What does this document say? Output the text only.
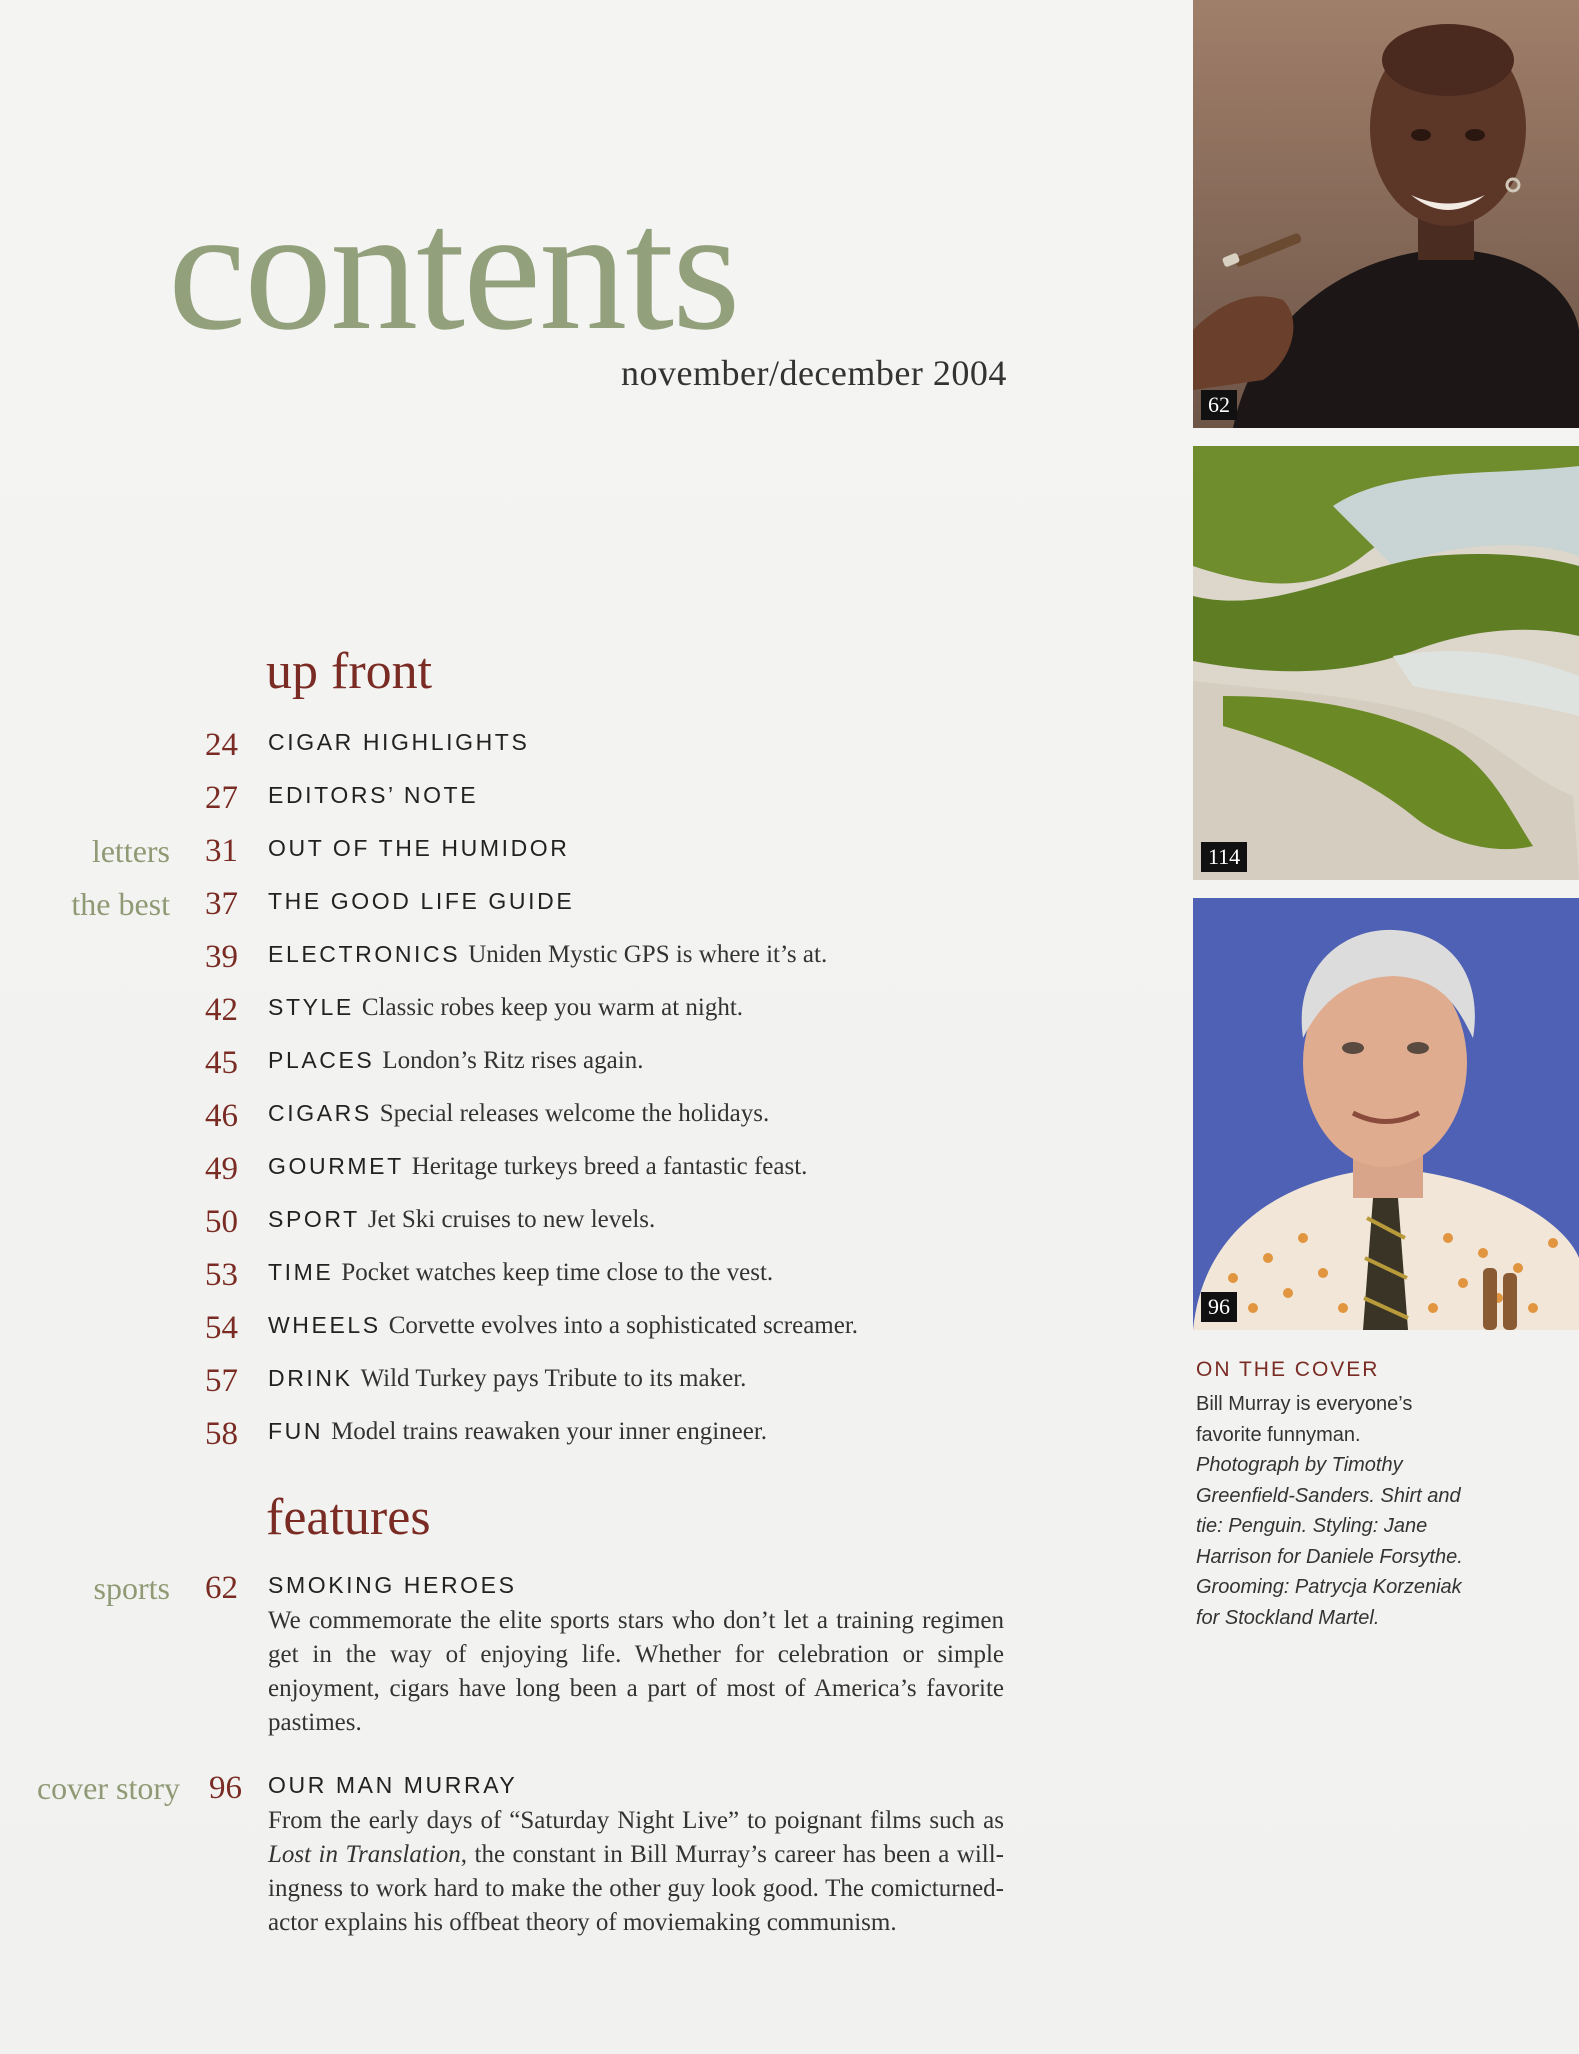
contents
november/december 2004
up front
24 CIGAR HIGHLIGHTS
27 EDITORS’ NOTE
letters	31 OUT OF THE HUMIDOR
the best	37 THE GOOD LIFE GUIDE
39 ELECTRONICS Uniden Mystic GPS is where it’s at.
42 STYLE Classic robes keep you warm at night.
45 PLACES London’s Ritz rises again.
46 CIGARS Special releases welcome the holidays.
49 GOURMET Heritage turkeys breed a fantastic feast.
50 SPORT Jet Ski cruises to new levels.
53 TIME Pocket watches keep time close to the vest.
54 WHEELS Corvette evolves into a sophisticated screamer.
57 DRINK Wild Turkey pays Tribute to its maker.
58 FUN Model trains reawaken your inner engineer.
features
sports	62 SMOKING HEROES
We commemorate the elite sports stars who don’t let a training regimen get in the way of enjoying life. Whether for celebration or simple enjoyment, cigars have long been a part of most of America’s favorite pastimes.
cover story 96 OUR MAN MURRAY
From the early days of “Saturday Night Live” to poignant films such as Lost in Translation, the constant in Bill Murray’s career has been a willingness to work hard to make the other guy look good. The comicturned-actor explains his offbeat theory of moviemaking communism.
62
114
96
ON THE COVER
Bill Murray is everyone’s favorite funnyman. Photograph by Timothy Greenfield-Sanders. Shirt and tie: Penguin. Styling: Jane Harrison for Daniele Forsythe. Grooming: Patrycja Korzeniak for Stockland Martel.
